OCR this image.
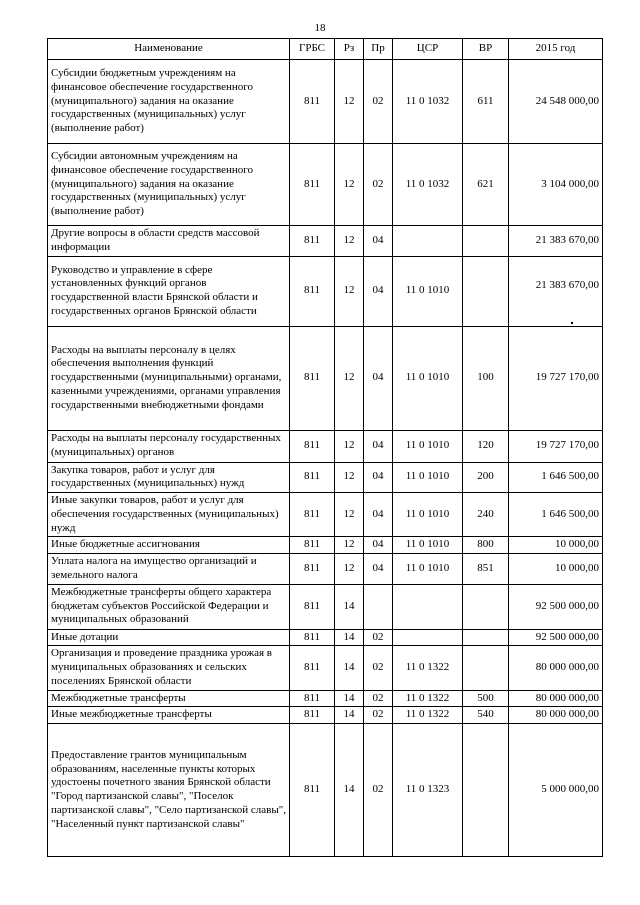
18
Наименование	ГРБС	Рз	Пр	ЦСР	ВР	2015 год
Субсидии бюджетным учреждениям на финансовое обеспечение государственного (муниципального) задания на оказание государственных (муниципальных) услуг (выполнение работ)	811	12	02	11 0 1032	611	24 548 000,00
Субсидии автономным учреждениям на финансовое обеспечение государственного (муниципального) задания на оказание государственных (муниципальных) услуг (выполнение работ)	811	12	02	11 0 1032	621	3 104 000,00
Другие вопросы в области средств массовой информации	811	12	04			21 383 670,00
Руководство и управление в сфере установленных функций органов государственной власти Брянской области и государственных органов Брянской области	811	12	04	11 0 1010		21 383 670,00
Расходы на выплаты персоналу в целях обеспечения выполнения функций государственными (муниципальными) органами, казенными учреждениями, органами управления государственными внебюджетными фондами	811	12	04	11 0 1010	100	19 727 170,00
Расходы на выплаты персоналу государственных (муниципальных) органов	811	12	04	11 0 1010	120	19 727 170,00
Закупка товаров, работ и услуг для государственных (муниципальных) нужд	811	12	04	11 0 1010	200	1 646 500,00
Иные закупки товаров, работ и услуг для обеспечения государственных (муниципальных) нужд	811	12	04	11 0 1010	240	1 646 500,00
Иные бюджетные ассигнования	811	12	04	11 0 1010	800	10 000,00
Уплата налога на имущество организаций и земельного налога	811	12	04	11 0 1010	851	10 000,00
Межбюджетные трансферты общего характера бюджетам субъектов Российской Федерации и муниципальных образований	811	14				92 500 000,00
Иные дотации	811	14	02			92 500 000,00
Организация и проведение праздника урожая в муниципальных образованиях и сельских поселениях Брянской области	811	14	02	11 0 1322		80 000 000,00
Межбюджетные трансферты	811	14	02	11 0 1322	500	80 000 000,00
Иные межбюджетные трансферты	811	14	02	11 0 1322	540	80 000 000,00
Предоставление грантов муниципальным образованиям, населенные пункты которых удостоены почетного звания Брянской области "Город партизанской славы", "Поселок партизанской славы", "Село партизанской славы", "Населенный пункт партизанской славы"	811	14	02	11 0 1323		5 000 000,00
